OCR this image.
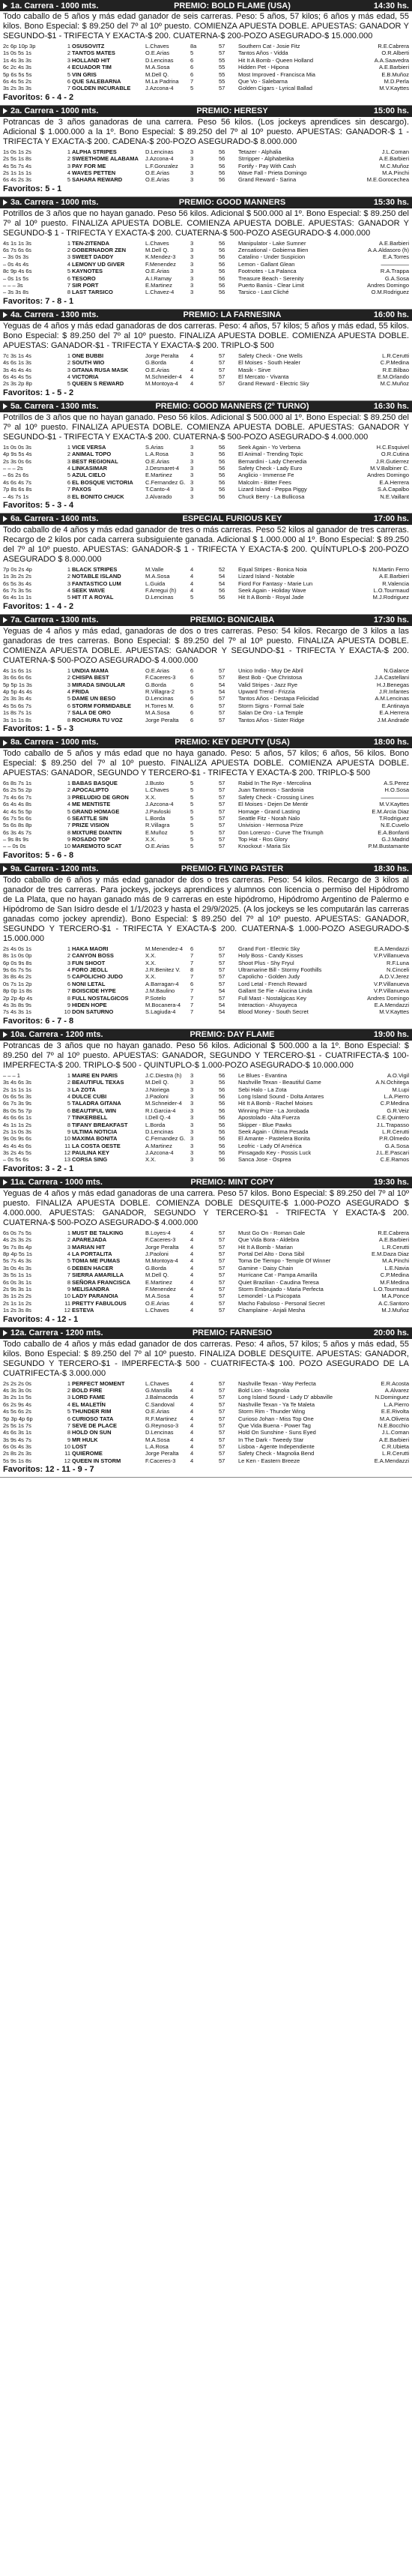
1a. Carrera - 1000 mts.	PREMIO: BOLD FLAME (USA)	14:30 hs.
Todo caballo de 5 años y más edad ganador de seis carreras. Peso: 5 años, 57 kilos; 6 años y más edad, 55 kilos. Bono Especial: $ 89.250 del 7º al 10º puesto. COMIENZA APUESTA DOBLE. APUESTAS: GANADOR Y SEGUNDO-$1 - TRIFECTA Y EXACTA-$ 200. CUATERNA-$ 200-POZO ASEGURADO-$ 15.000.000
2c 6p 10p 3p	1 OSUSOVITZ	L.Chaves	8a	57	Southern Cat - Josie Fitz	R.E.Cabrera
1s 0s 5s 1s	2 TANTOS MATES	O.E.Arias	5	57	Tantos Años - Vidda	O.R.Alberti
1s 4s 3s 3s	3 HOLLAND HIT	D.Lencinas	6	55	Hit It A Bomb - Queen Holland	A.A.Saavedra
6c 2c 4s 3s	4 ECUADOR TIM	M.A.Sosa	6	55	Hidden Pet - Hipona	A.E.Barbieri
5p 6s 5s 5s	5 VIN GRIS	M.Dell Q.	6	55	Most Improved - Francisca Mia	E.B.Muñoz
6s 4s 5s 2s	6 QUE SALEBARNA	M.La Padrina	7	55	Que Vo - Salebarna	M.D.Perla
3s 2s 3s 3s	7 GOLDEN INCURABLE	J.Azcona-4	5	57	Golden Cigars - Lyrical Ballad	M.V.Kayttes
Favoritos: 6 - 4 - 2
2a. Carrera - 1000 mts.	PREMIO: HERESY	15:00 hs.
Potrancas de 3 años ganadoras de una carrera. Peso 56 kilos. (Los jockeys aprendices sin descargo). Adicional $ 1.000.000 a la 1º. Bono Especial: $ 89.250 del 7º al 10º puesto. APUESTAS: GANADOR-$ 1 - TRIFECTA Y EXACTA-$ 200. CADENA-$ 200-POZO ASEGURADO-$ 8.000.000
1s 0s 1s 2s	1 ALPHA STRIPES	D.Lencinas	3	56	Tetazer - Alphalia	J.L.Coman
2s 5s 1s 8s	2 SWEETHOME ALABAMA	J.Azcona-4	3	56	Strripper - Alphabetika	A.E.Barbieri
4s 5s 7s 4s	3 PAY FOR ME	L.F.Gonzalez	3	56	Fortify - Pay With Cash	M.C.Muñoz
2s 1s 1s 1s	4 WAVES PETTEN	O.E.Arias	3	56	Wave Fall - Prieta Domingo	M.A.Pinchi
6s 4s 2s 3s	5 SAHARA REWARD	O.E.Arias	3	56	Grand Reward - Sarina	M.E.Gorocechea
Favoritos: 5 - 1
3a. Carrera - 1000 mts.	PREMIO: GOOD MANNERS	15:30 hs.
Potrillos de 3 años que no hayan ganado. Peso 56 kilos. Adicional $ 500.000 al 1º. Bono Especial: $ 89.250 del 7º al 10º puesto. FINALIZA APUESTA DOBLE. COMIENZA APUESTA DOBLE. APUESTAS: GANADOR Y SEGUNDO-$ 1 - TRIFECTA Y EXACTA-$ 200. CUATERNA-$ 500-POZO ASEGURADO-$ 4.000.000
4s 1s 1s 3s	1 TEN-ZITENDA	L.Chaves	3	56	Manipulator - Lake Sumner	A.E.Barbieri
6s 7s 6s 6s	2 GOBERNADOR ZEN	M.Dell Q.	3	56	Zensational - Gobierna Bien	A.A.Aldasoro (h)
– 3s 0s 3s	3 SWEET DADDY	K.Mendez-3	3	56	Catalino - Under Suspicion	E.A.Torres
– 0s 4s 4s	4 LEMONY UD GIVER	F.Menendez	3	56	Lemon - Gallant Glean	—————
8c 9p 4s 6s	5 KAYNOTES	O.E.Arias	3	56	Footnotes - La Palanca	R.A.Trappa
– 0s 1s 5s	6 TESORO	A.I.Ramay	3	56	Treasure Beach - Serenity	G.A.Sosa
– – – 3s	7 SIR PORT	E.Martinez	3	56	Puerto Banús - Clear Limit	Andres Domingo
– 3s 3s 8s	8 LAST TARSICO	L.Chavez-4	3	56	Tarsico - Last Cliché	O.M.Rodriguez
Favoritos: 7 - 8 - 1
4a. Carrera - 1300 mts.	PREMIO: LA FARNESINA	16:00 hs.
Yeguas de 4 años y más edad ganadoras de dos carreras. Peso: 4 años, 57 kilos; 5 años y más edad, 55 kilos. Bono Especial: $ 89.250 del 7º al 10º puesto. FINALIZA APUESTA DOBLE. COMIENZA APUESTA DOBLE. APUESTAS: GANADOR-$1 - TRIFECTA Y EXACTA-$ 200. TRIPLO-$ 500
7c 3s 1s 4s	1 ONE BUBBI	Jorge Peralta	4	57	Safety Check - One Wells	L.R.Cerutti
4s 6s 1s 3s	2 SOUTH WIO	G.Borda	4	57	El Moises - South Healer	C.P.Medina
3s 4s 4s 4s	3 GITANA RUSA MASK	O.E.Arias	4	57	Masik - Sirve	R.E.Bilbao
6s 4s 4s 5s	4 VICTORIA	M.Schneider-4	4	57	El Mercato - Vivanta	E.M.Orlando
2s 3s 2p 8p	5 QUEEN S REWARD	M.Montoya-4	4	57	Grand Reward - Electric Sky	M.C.Muñoz
Favoritos: 1 - 5 - 2
5a. Carrera - 1300 mts.	PREMIO: GOOD MANNERS (2º TURNO)	16:30 hs.
Potrillos de 3 años que no hayan ganado. Peso 56 kilos. Adicional $ 500.000 al 1º. Bono Especial: $ 89.250 del 7º al 10º puesto. FINALIZA APUESTA DOBLE. COMIENZA APUESTA DOBLE. APUESTAS: GANADOR Y SEGUNDO-$1 - TRIFECTA Y EXACTA-$ 200. CUATERNA-$ 500-POZO ASEGURADO-$ 4.000.000
1s 0s 0s 3s	1 VICE VERSA	S.Arias	3	56	Seek Again - Yo Verbena	H.C.Esquivel
4p 9s 5s 4s	2 ANIMAL TOPO	L.A.Rosa	3	56	El Animal - Trending Topic	O.R.Cutina
2s 3s 0s 6s	3 BEST REGIONAL	O.E.Arias	3	56	Bernardini - Lady Chenedia	J.R.Gutierrez
– – – 2s	4 LINKASIMAR	J.Desmaret-4	3	56	Safety Check - Lady Euro	M.V.Balbiner C.
– 6s 2s 6s	5 AZUL CIELO	E.Martinez	3	56	Anglicio - Immense Fe	Andres Domingo
4s 6s 4s 7s	6 EL BOSQUE VICTORIA	C.Fernandez G. 3	56	Malcolm - Bitter Fees	E.A.Herrera
7p 8s 6s 8s	7 PAXOS	T.Canto-4	3	56	Lizard Island - Peppa Piggy	S.A.Capalbo
– 4s 7s 1s	8 EL BONITO CHUCK	J.Alvarado	3	56	Chuck Berry - La Bullicosa	N.E.Vaillant
Favoritos: 5 - 3 - 4
6a. Carrera - 1600 mts.	ESPECIAL FURIOUS KEY	17:00 hs.
Todo caballo de 4 años y más edad ganador de tres o más carreras. Peso 52 kilos al ganador de tres carreras. Recargo de 2 kilos por cada carrera subsiguiente ganada. Adicional $ 1.000.000 al 1º. Bono Especial: $ 89.250 del 7º al 10º puesto. APUESTAS: GANADOR-$ 1 - TRIFECTA Y EXACTA-$ 200. QUÍNTUPLO-$ 200-POZO ASEGURADO $ 8.000.000
7p 0s 2s 4p	1 BLACK STRIPES	M.Valle	4	52	Equal Stripes - Bonica Noia	N.Martin Ferro
1s 3s 2s 2s	2 NOTABLE ISLAND	M.A.Sosa	4	54	Lizard Island - Notable	A.E.Barbieri
6s 5s 3s 4s	3 FANTASTICO LUM	L.Guida	4	54	Fiord For Fantasy - Marie Lun	R.Valencia
6s 7s 3s 5s	4 SEEK WAVE	F.Arregui (h)	4	56	Seek Again - Holiday Wave	L.O.Tourmaud
6s 4s 1s 1s	5 HIT IT A ROYAL	D.Lencinas	5	56	Hit It A Bomb - Royal Jade	M.J.Rodriguez
Favoritos: 1 - 4 - 2
7a. Carrera - 1300 mts.	PREMIO: BONICAIBA	17:30 hs.
Yeguas de 4 años y más edad, ganadoras de dos o tres carreras. Peso: 54 kilos. Recargo de 3 kilos a las ganadoras de tres carreras. Bono Especial: $ 89.250 del 7º al 10º puesto. FINALIZA APUESTA DOBLE. COMIENZA APUESTA DOBLE. APUESTAS: GANADOR Y SEGUNDO-$1 - TRIFECTA Y EXACTA-$ 200. CUATERNA-$ 500-POZO ASEGURADO-$ 4.000.000
4s 1s 6s 1s	1 UNDIA MAMA	O.E.Arias	6	57	Unico Indio - Muy De Abril	N.Galarce
3s 6s 6s 6s	2 CHISPA BEST	F.Caceres-3	6	57	Best Bob - Que Christosa	J.A.Castellani
5p 5p 1s 3s	3 MIRADA SINGULAR	G.Borda	6	54	Valid Stripes - Jazz Rye	H.J.Benegas
4p 5p 4s 4s	4 FRIDA	R.Villagra-2	5	54	Upward Trend - Frizzia	J.R.Infantes
2s 3s 3s 4s	5 DAME UN BESO	D.Lencinas	6	57	Tantos Años - Destapa Felicidad	A.M.Lencinas
4s 5s 6s 7s	6 STORM FORMIDABLE	H.Torres M.	6	57	Storm Signs - Formal Sale	E.Antinaya
1s 8s 7s 1s	7 SALA DE ORO	M.A.Sosa	6	57	Salan De Oro - La Temple	E.A.Herrera
3s 1s 1s 8s	8 ROCHURA TU VOZ	Jorge Peralta	6	57	Tantos Años - Sister Ridge	J.M.Andrade
Favoritos: 1 - 5 - 3
8a. Carrera - 1000 mts.	PREMIO: KEY DEPUTY (USA)	18:00 hs.
Todo caballo de 5 años y más edad que no haya ganado. Peso: 5 años, 57 kilos; 6 años, 56 kilos. Bono Especial: $ 89.250 del 7º al 10º puesto. FINALIZA APUESTA DOBLE. COMIENZA APUESTA DOBLE. APUESTAS: GANADOR, SEGUNDO Y TERCERO-$1 - TRIFECTA Y EXACTA-$ 200. TRIPLO-$ 500
6s 8s 7s 1s	1 BABAS BASQUE	J.Busto	5	57	Rabid In The Rye - Mercolina	A.S.Perez
6s 2s 5s 2p	2 APOCALIPTO	L.Chaves	5	57	Juan Tantomos - Sardonia	H.O.Sosa
7s 4s 6s 7s	3 PRELUDIO DE GRON	X.X.	5	57	Safety Check - Crossing Lines	—————
6s 4s 4s 8s	4 ME MENTISTE	J.Azcona-4	5	57	El Moises - Dejen De Mentir	M.V.Kayttes
4c 4s 5s 5p	5 GRAND HOMAGE	J.Pavloski	5	57	Homage - Grand Lasting	E.M.Arcia Diaz
6s 7s 5s 6s	6 SEATTLE SIN	L.Borda	5	57	Seattle Fitz - Norah Nalo	T.Rodriguez
5s 6s 8s 8p	7 PRIZE VISION	R.Villagra	5	57	Univision - Hermosa Prize	N.E.Cuvelo
6s 3s 4s 7s	8 MIXTURE DIANTIN	E.Muñoz	5	57	Don Lorenzo - Curve The Triumph	E.A.Bonfanti
– 9s 8s 9s	9 ROSADO TOP	X.X.	5	57	Top Hat - Ros Glory	G.J.Madrid
– – 0s 0s	10 MAREMOTO SCAT	O.E.Arias	5	57	Knockout - Maria Six	P.M.Bustamante
Favoritos: 5 - 6 - 8
9a. Carrera - 1200 mts.	PREMIO: FLYING PASTER	18:30 hs.
Todo caballo de 6 años y más edad ganador de dos o tres carreras. Peso: 54 kilos. Recargo de 3 kilos al ganador de tres carreras. Para jockeys, jockeys aprendices y alumnos con licencia o permiso del Hipódromo de La Plata, que no hayan ganado más de 9 carreras en este hipódromo, Hipódromo Argentino de Palermo e Hipódromo de San Isidro desde el 1/1/2023 y hasta el 29/9/2025. (A los jockeys se les computarán las carreras ganadas como jockey aprendiz). Bono Especial: $ 89.250 del 7º al 10º puesto. APUESTAS: GANADOR, SEGUNDO Y TERCERO-$1 - TRIFECTA Y EXACTA-$ 200. CUATERNA-$ 1.000-POZO ASEGURADO-$ 15.000.000
2s 4s 0s 1s	1 HAKA MAORI	M.Menendez-4	6	57	Grand Fort - Electric Sky	E.A.Mendazzi
8s 1s 0s 0p	2 CANYON BOSS	X.X.	7	57	Holy Boss - Candy Kisses	V.P.Villanueva
6p 0s 9s 8s	3 FUN SHOOT	X.X.	7	57	Shoot Plus - Shy Fryul	R.F.Luna
9s 6s 7s 5s	4 FORO JEOLL	J.R.Benitez V.	8	57	Ultramarine Bill - Stormy Foothills	N.Cinceli
3s 8s 4s 2s	5 CAPOLICHO JUDO	X.X.	7	57	Capolicho - Golden Judy	A.D.V.Jerez
0s 7s 1s 2p	6 NONI LETAL	A.Barragan-4	6	57	Lord Letal - French Reward	V.P.Villanueva
8p 0p 1s 8s	7 BOISCIDE HYPE	J.M.Baulino	7	54	Gallant Se Fie - Alucina Linda	V.P.Villanueva
2p 2p 4p 4s	8 FULL NOSTALGICOS	P.Sotelo	7	57	Full Mast - Nostalgicas Key	Andres Domingo
4s 3s 8s 9s	9 HIDEN HOPE	M.Bocanera-4	7	54	Interaction - Ahuyayeca	E.A.Mendazzi
7s 4s 3s 1s	10 DON SATURNO	S.Lagiuda-4	7	54	Blood Money - South Secret	M.V.Kayttes
Favoritos: 6 - 7 - 8
10a. Carrera - 1200 mts.	PREMIO: DAY FLAME	19:00 hs.
Potrancas de 3 años que no hayan ganado. Peso 56 kilos. Adicional $ 500.000 a la 1º. Bono Especial: $ 89.250 del 7º al 10º puesto. APUESTAS: GANADOR, SEGUNDO Y TERCERO-$1 - CUATRIFECTA-$ 100-IMPERFECTA-$ 200. TRIPLO-$ 500 - QUINTUPLO-$ 1.000-POZO ASEGURADO-$ 10.000.000
– – – 1	1 MAIRE EN PARIS	J.C.Diestra (h)	3	56	Le Blues - Evantina	A.O.Vigil
3s 4s 6s 3s	2 BEAUTIFUL TEXAS	M.Dell Q.	3	56	Nashville Texan - Beautiful Game	A.N.Ochitega
2s 1s 1s 1s	3 LA ZOTA	J.Noriega	3	56	Sebi Halo - La Zota	M.Lupi
0s 6s 5s 3s	4 DULCE CUBI	J.Paoloni	3	56	Long Island Sound - Dolta Antares	L.A.Pierro
6s 7s 3s 9s	5 TALADRA GITANA	M.Schneider-4	3	56	Hit It A Bomb - Rachel Moises	C.P.Medina
8s 0s 5s 7p	6 BEAUTIFUL WIN	R.I.Garcia-4	3	56	Winning Prize - La Jorobada	G.R.Veiz
4s 6s 6s 1s	7 TINKERBELL	I.Dell Q.-4	3	56	Apostolado - Alta Fuerza	C.E.Quintero
4s 1s 1s 2s	8 TIFANY BREAKFAST	L.Borda	3	56	Skipper - Blue Pawks	J.L.Trapasso
2s 1s 0s 3s	9 ULTIMA NOTICIA	D.Lencinas	3	56	Seek Again - Última Pesada	L.R.Cerutti
9s 0s 9s 6s	10 MAXIMA BONITA	C.Fernandez G. 3	56	El Amante - Pastelera Bonita	P.R.Olmedo
4s 4s 4s 6s	11 LA COSTA OESTE	A.Martinez	3	56	Leofric - Lady Of América	G.A.Sosa
3s 2s 4s 5s	12 PAULINA KEY	J.Azcona-4	3	56	Pinsagado Key - Possis Luck	J.L.E.Pascari
– 0s 5s 6s	13 CORSA SING	X.X.	3	56	Sanca Jose - Osprea	C.E.Ramos
Favoritos: 3 - 2 - 1
11a. Carrera - 1000 mts.	PREMIO: MINT COPY	19:30 hs.
Yeguas de 4 años y más edad ganadoras de una carrera. Peso 57 kilos. Bono Especial: $ 89.250 del 7º al 10º puesto. FINALIZA APUESTA DOBLE. COMIENZA DOBLE DESQUITE-$ 1.000-POZO ASEGURADO $ 4.000.000. APUESTAS: GANADOR, SEGUNDO Y TERCERO-$1 - TRIFECTA Y EXACTA-$ 200. CUATERNA-$ 500-POZO ASEGURADO-$ 4.000.000
6s 0s 7s 5s	1 MUST BE TALKING	B.Loyes-4	4	57	Must Go On - Roman Gale	R.E.Cabrera
4s 2s 3s 2s	2 APAREJADA	F.Caceres-3	4	57	Que Vida Bora - Aldebra	A.E.Barbieri
9s 7s 8s 4p	3 MARIAN HIT	Jorge Peralta	4	57	Hit It A Bomb - Marian	L.R.Cerutti
8p 4p 5s 1s	4 LA PORTALITA	J.Paoloni	4	57	Portal Del Alto - Dona Sibil	E.M.Daza Diaz
5s 7s 4s 3s	5 TOMA ME PUMAS	M.Montoya-4	4	57	Toma De Tiempo - Temple Of Winner	M.A.Pinchi
3s 0s 4s 3s	6 DEBEN HACER	G.Borda	4	57	Gamine - Daisy Chain	L.E.Navia
3s 5s 1s 1s	7 SIERRA AMARILLA	M.Dell Q.	4	57	Hurricane Cat - Pampa Amarilla	C.P.Medina
6s 0s 3s 1s	8 SEÑORA FRANCISCA	E.Martinez	4	57	Quiet Brazilian - Caudina Teresa	M.F.Medina
2s 9s 3s 1s	9 MELISANDRA	F.Menendez	4	57	Storm Embrujado - Maria Perfecta	L.O.Tourmaud
3s 1s 2s 2s	10 LADY PARANOIA	M.A.Sosa	4	57	Lemondel - La Psicopata	M.A.Ponce
2s 1s 1s 2s	11 PRETTY FABULOUS	O.E.Arias	4	57	Macho Fabuloso - Personal Secret	A.C.Santoro
1s 2s 3s 8s	12 ESTEVA	L.Chaves	4	57	Champlaine - Anjali Mesha	M.J.Muñoz
Favoritos: 4 - 12 - 1
12a. Carrera - 1200 mts.	PREMIO: FARNESIO	20:00 hs.
Todo caballo de 4 años y más edad ganador de dos carreras. Peso: 4 años, 57 kilos; 5 años y más edad, 55 kilos. Bono Especial: $ 89.250 del 7º al 10º puesto. FINALIZA DOBLE DESQUITE. APUESTAS: GANADOR, SEGUNDO Y TERCERO-$1 - IMPERFECTA-$ 500 - CUATRIFECTA-$ 100. POZO ASEGURADO DE LA CUATRIFECTA-$ 3.000.000
2s 2s 2s 0s	1 PERFECT MOMENT	L.Chaves	4	57	Nashville Texan - Way Perfecta	E.R.Acosta
4s 3s 3s 0s	2 BOLD FIRE	G.Mansilla	4	57	Bold Lion - Magnolia	A.Alvarez
3s 2s 1s 5s	3 LORD FAME	J.Balmaceda	4	57	Long Island Sound - Lady D' abbaville	N.Dominguez
6s 2s 9s 4s	4 EL MALETÍN	C.Sandoval	4	57	Nashville Texan - Ya Te Maleta	L.A.Pierro
4s 5s 6s 2s	5 THUNDER RIM	O.E.Arias	4	57	Storm Rim - Thunder Wing	E.E.Rivolta
5p 3p 4p 6p	6 CURIOSO TATA	R.F.Martinez	4	57	Curioso Johan - Miss Top One	M.A.Olivera
2s 5s 1s 7s	7 SEVE DE PLACE	G.Reynoso-3	4	57	Que Vida Buena - Power Tag	N.E.Bocchio
4s 6s 3s 1s	8 HOLD ON SUN	D.Lencinas	4	57	Hold On Sunshine - Suns Eyed	J.L.Coman
3s 9s 4s 7s	9 MR HULK	M.A.Sosa	4	57	In The Dark - Tweedy Star	A.E.Barbieri
6s 0s 4s 3s	10 LOST	L.A.Rosa	4	57	Lisboa - Agente Independiente	C.R.Ubieta
2s 8s 2s 3s	11 QUIEROME	Jorge Peralta	4	57	Safety Check - Magnolia Bend	L.R.Cerutti
5s 9s 1s 8s	12 QUEEN IN STORM	F.Caceres-3	4	57	Le Ken - Eastern Breeze	E.A.Mendazzi
Favoritos: 12 - 11 - 9 - 7
